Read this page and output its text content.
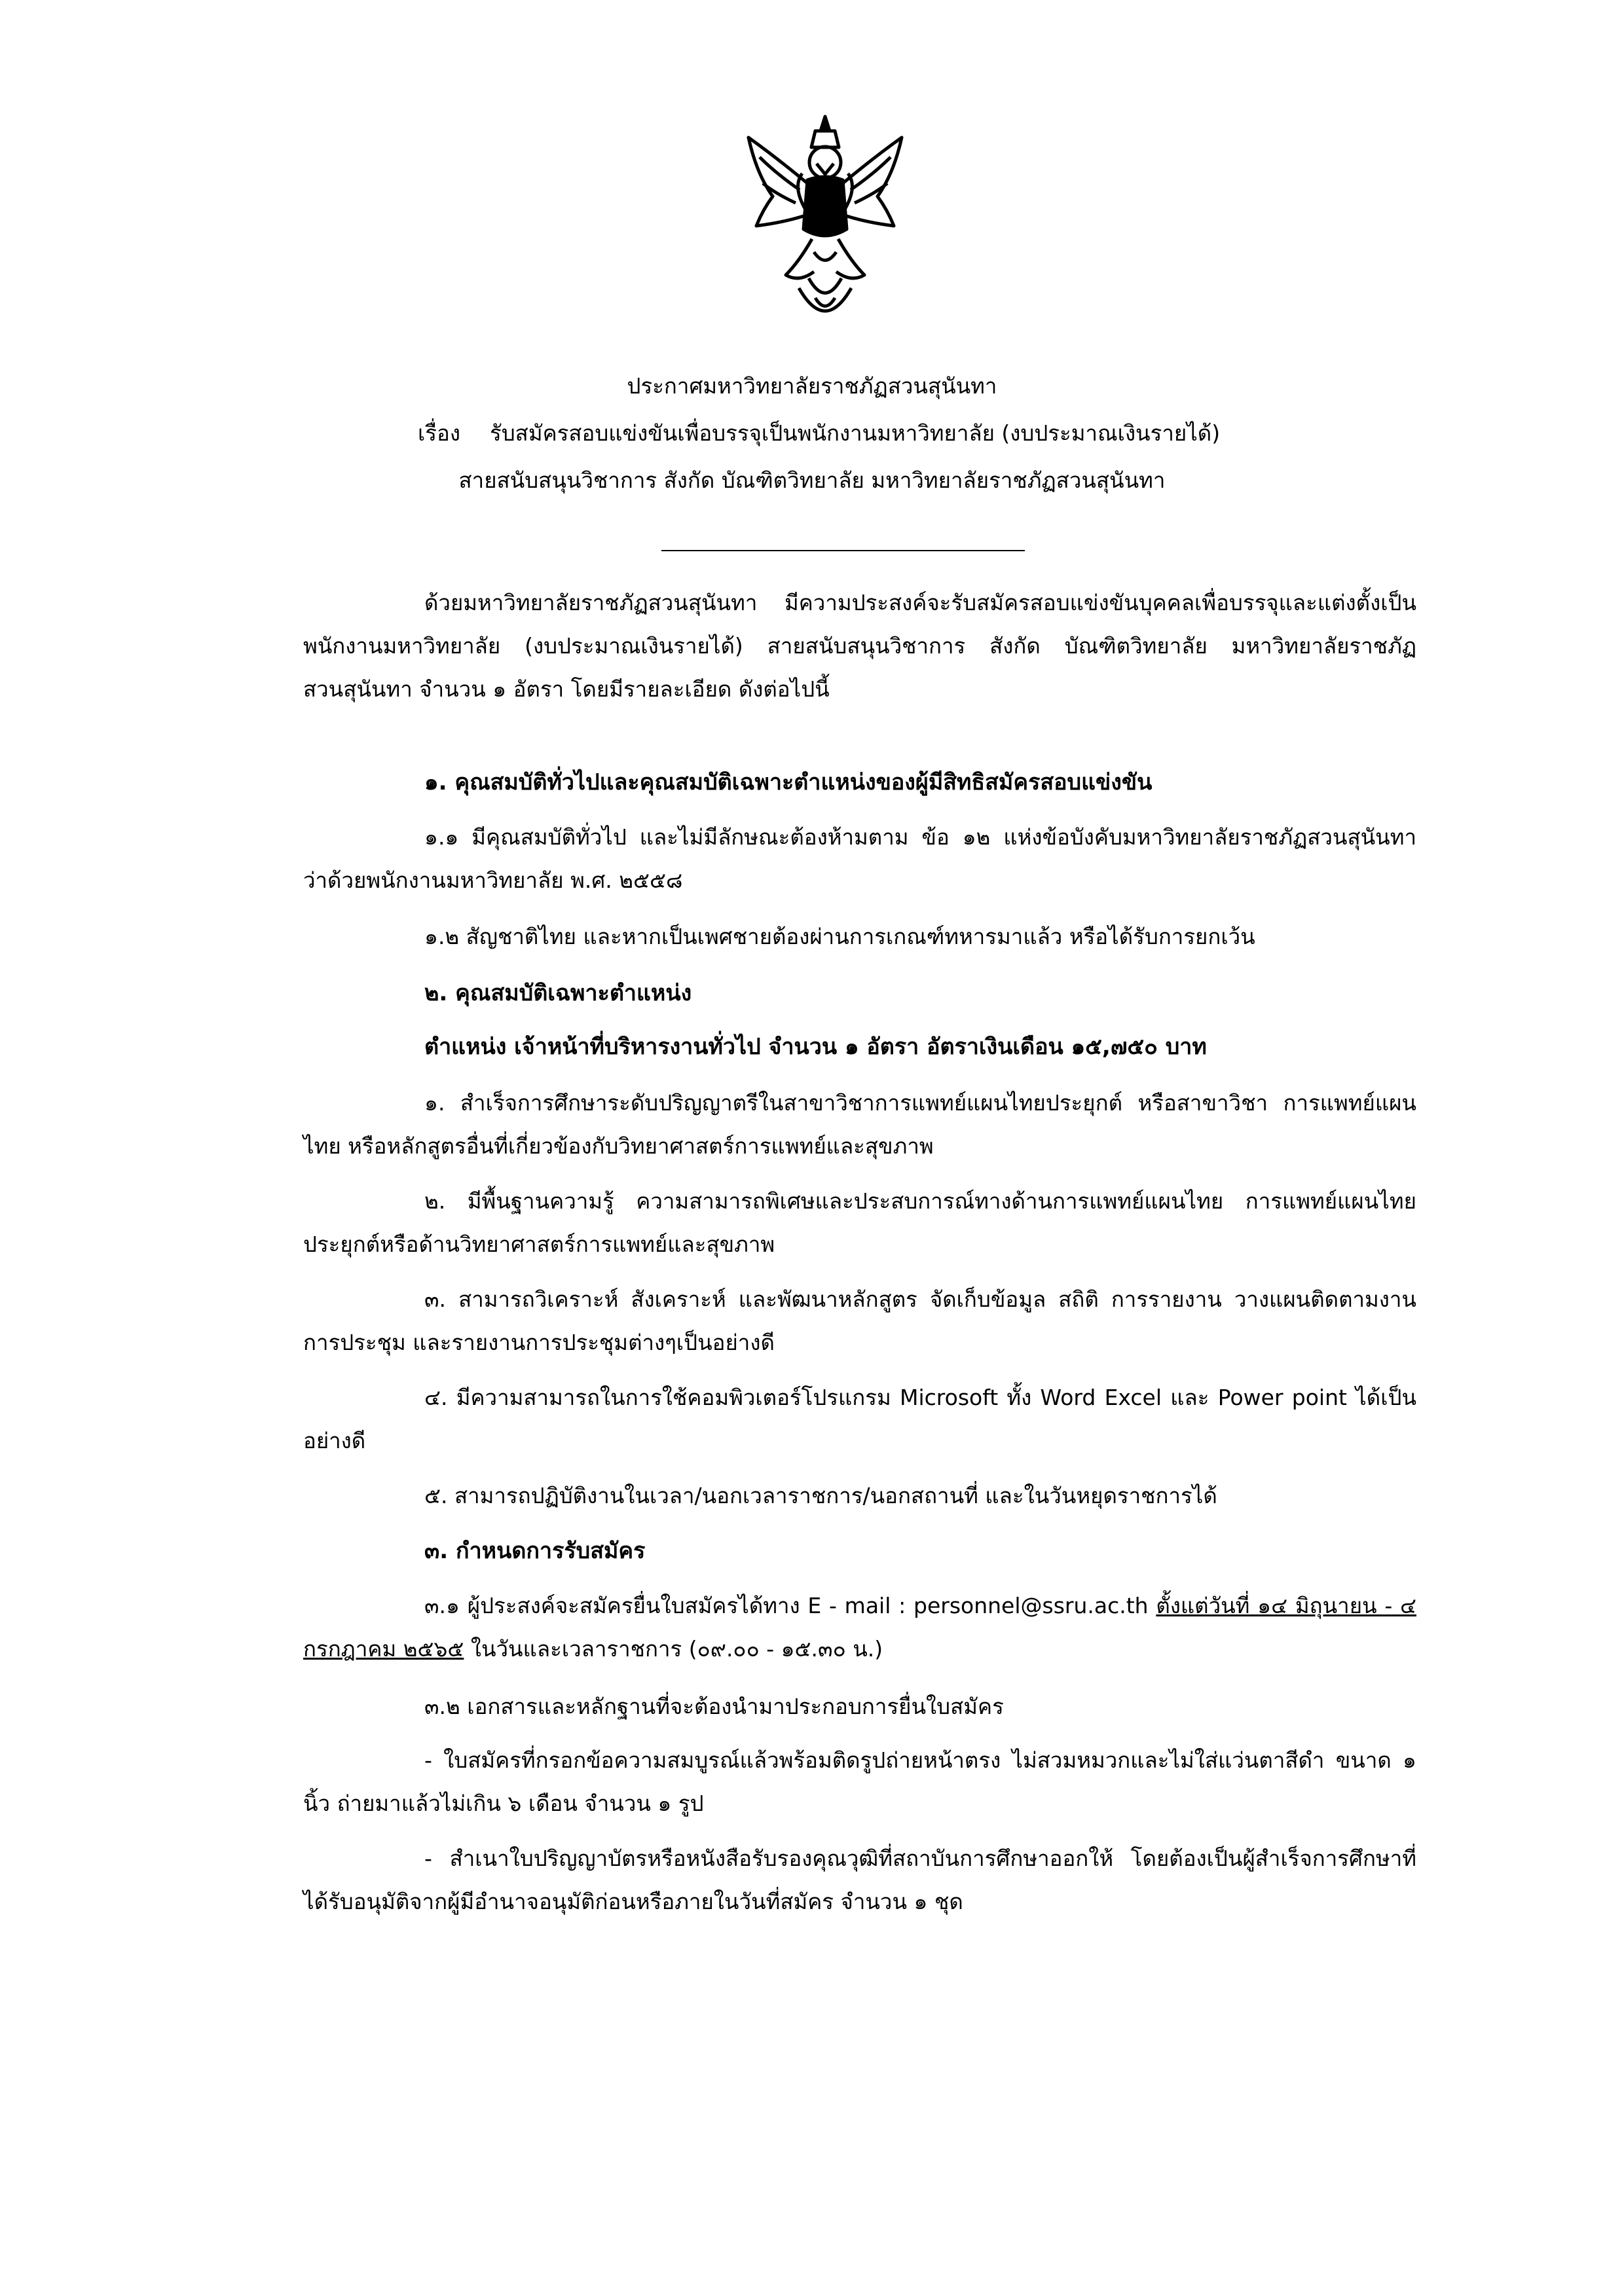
ประกาศมหาวิทยาลัยราชภัฏสวนสุนันทา
เรื่อง รับสมัครสอบแข่งขันเพื่อบรรจุเป็นพนักงานมหาวิทยาลัย (งบประมาณเงินรายได้)
สายสนับสนุนวิชาการ สังกัด บัณฑิตวิทยาลัย มหาวิทยาลัยราชภัฏสวนสุนันทา

ด้วยมหาวิทยาลัยราชภัฏสวนสุนันทา มีความประสงค์จะรับสมัครสอบแข่งขันบุคคลเพื่อบรรจุและแต่งตั้งเป็นพนักงานมหาวิทยาลัย (งบประมาณเงินรายได้) สายสนับสนุนวิชาการ สังกัด บัณฑิตวิทยาลัย มหาวิทยาลัยราชภัฏสวนสุนันทา จำนวน ๑ อัตรา โดยมีรายละเอียด ดังต่อไปนี้

๑. คุณสมบัติทั่วไปและคุณสมบัติเฉพาะตำแหน่งของผู้มีสิทธิสมัครสอบแข่งขัน

๑.๑ มีคุณสมบัติทั่วไป และไม่มีลักษณะต้องห้ามตาม ข้อ ๑๒ แห่งข้อบังคับมหาวิทยาลัยราชภัฏสวนสุนันทา ว่าด้วยพนักงานมหาวิทยาลัย พ.ศ. ๒๕๕๘

๑.๒ สัญชาติไทย และหากเป็นเพศชายต้องผ่านการเกณฑ์ทหารมาแล้ว หรือได้รับการยกเว้น

๒. คุณสมบัติเฉพาะตำแหน่ง
ตำแหน่ง เจ้าหน้าที่บริหารงานทั่วไป จำนวน ๑ อัตรา อัตราเงินเดือน ๑๕,๗๕๐ บาท

๑. สำเร็จการศึกษาระดับปริญญาตรีในสาขาวิชาการแพทย์แผนไทยประยุกต์ หรือสาขาวิชา การแพทย์แผนไทย หรือหลักสูตรอื่นที่เกี่ยวข้องกับวิทยาศาสตร์การแพทย์และสุขภาพ

๒. มีพื้นฐานความรู้ ความสามารถพิเศษและประสบการณ์ทางด้านการแพทย์แผนไทย การแพทย์แผนไทยประยุกต์หรือด้านวิทยาศาสตร์การแพทย์และสุขภาพ

๓. สามารถวิเคราะห์ สังเคราะห์ และพัฒนาหลักสูตร จัดเก็บข้อมูล สถิติ การรายงาน วางแผนติดตามงาน การประชุม และรายงานการประชุมต่างๆเป็นอย่างดี

๔. มีความสามารถในการใช้คอมพิวเตอร์โปรแกรม Microsoft ทั้ง Word Excel และ Power point ได้เป็นอย่างดี

๕. สามารถปฏิบัติงานในเวลา/นอกเวลาราชการ/นอกสถานที่ และในวันหยุดราชการได้

๓. กำหนดการรับสมัคร

๓.๑ ผู้ประสงค์จะสมัครยื่นใบสมัครได้ทาง E - mail : personnel@ssru.ac.th ตั้งแต่วันที่ ๑๔ มิถุนายน - ๔ กรกฎาคม ๒๕๖๕ ในวันและเวลาราชการ (๐๙.๐๐ - ๑๕.๓๐ น.)

๓.๒ เอกสารและหลักฐานที่จะต้องนำมาประกอบการยื่นใบสมัคร

- ใบสมัครที่กรอกข้อความสมบูรณ์แล้วพร้อมติดรูปถ่ายหน้าตรง ไม่สวมหมวกและไม่ใส่แว่นตาสีดำ ขนาด ๑ นิ้ว ถ่ายมาแล้วไม่เกิน ๖ เดือน จำนวน ๑ รูป

- สำเนาใบปริญญาบัตรหรือหนังสือรับรองคุณวุฒิที่สถาบันการศึกษาออกให้ โดยต้องเป็นผู้สำเร็จการศึกษาที่ได้รับอนุมัติจากผู้มีอำนาจอนุมัติก่อนหรือภายในวันที่สมัคร จำนวน ๑ ชุด
